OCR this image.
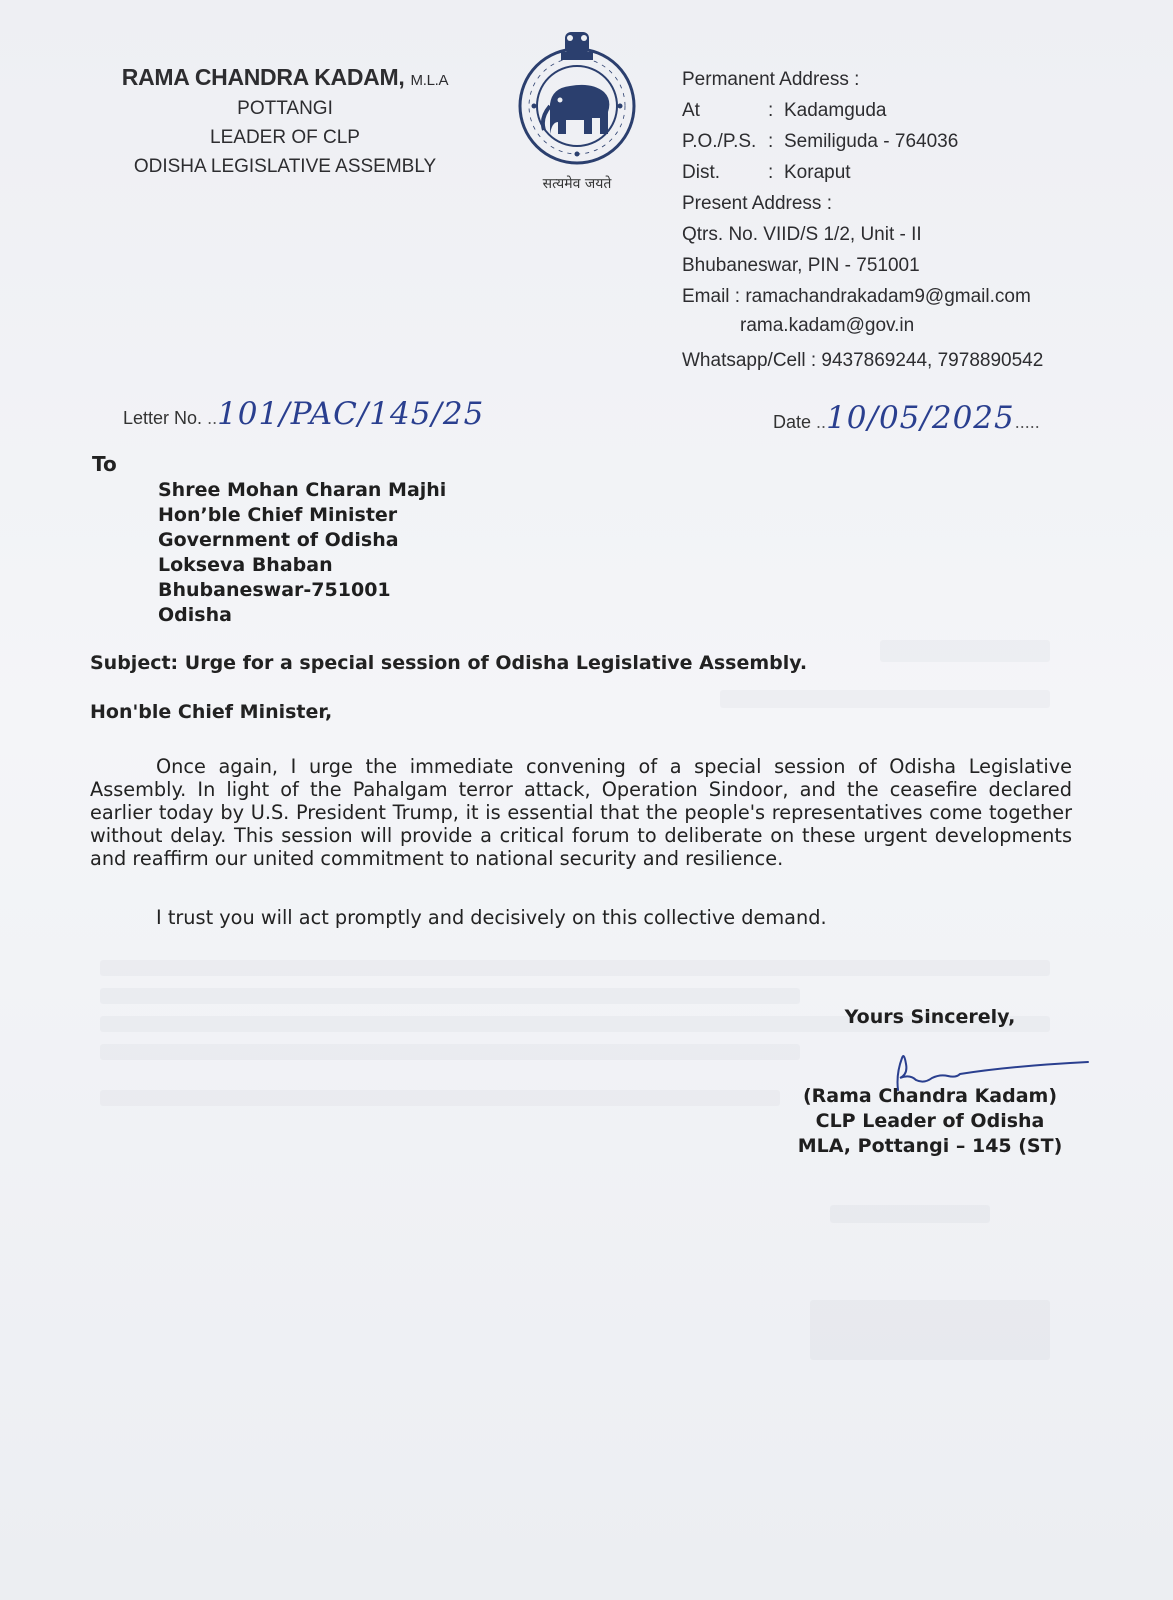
RAMA CHANDRA KADAM, M.L.A
POTTANGI
LEADER OF CLP
ODISHA LEGISLATIVE ASSEMBLY
सत्यमेव जयते
Permanent Address :
At	: Kadamguda
P.O./P.S. : Semiliguda - 764036
Dist.	: Koraput
Present Address :
Qtrs. No. VIID/S 1/2, Unit - II
Bhubaneswar, PIN - 751001
Email : ramachandrakadam9@gmail.com
rama.kadam@gov.in
Whatsapp/Cell : 9437869244, 7978890542
Letter No. ..101/PAC/145/25	Date ..10/05/2025.....
To
Shree Mohan Charan Majhi
Hon’ble Chief Minister
Government of Odisha
Lokseva Bhaban
Bhubaneswar-751001
Odisha
Subject: Urge for a special session of Odisha Legislative Assembly.
Hon'ble Chief Minister,
Once again, I urge the immediate convening of a special session of Odisha Legislative Assembly. In light of the Pahalgam terror attack, Operation Sindoor, and the ceasefire declared earlier today by U.S. President Trump, it is essential that the people's representatives come together without delay. This session will provide a critical forum to deliberate on these urgent developments and reaffirm our united commitment to national security and resilience.
I trust you will act promptly and decisively on this collective demand.
Yours Sincerely,
(Rama Chandra Kadam)
CLP Leader of Odisha
MLA, Pottangi – 145 (ST)
